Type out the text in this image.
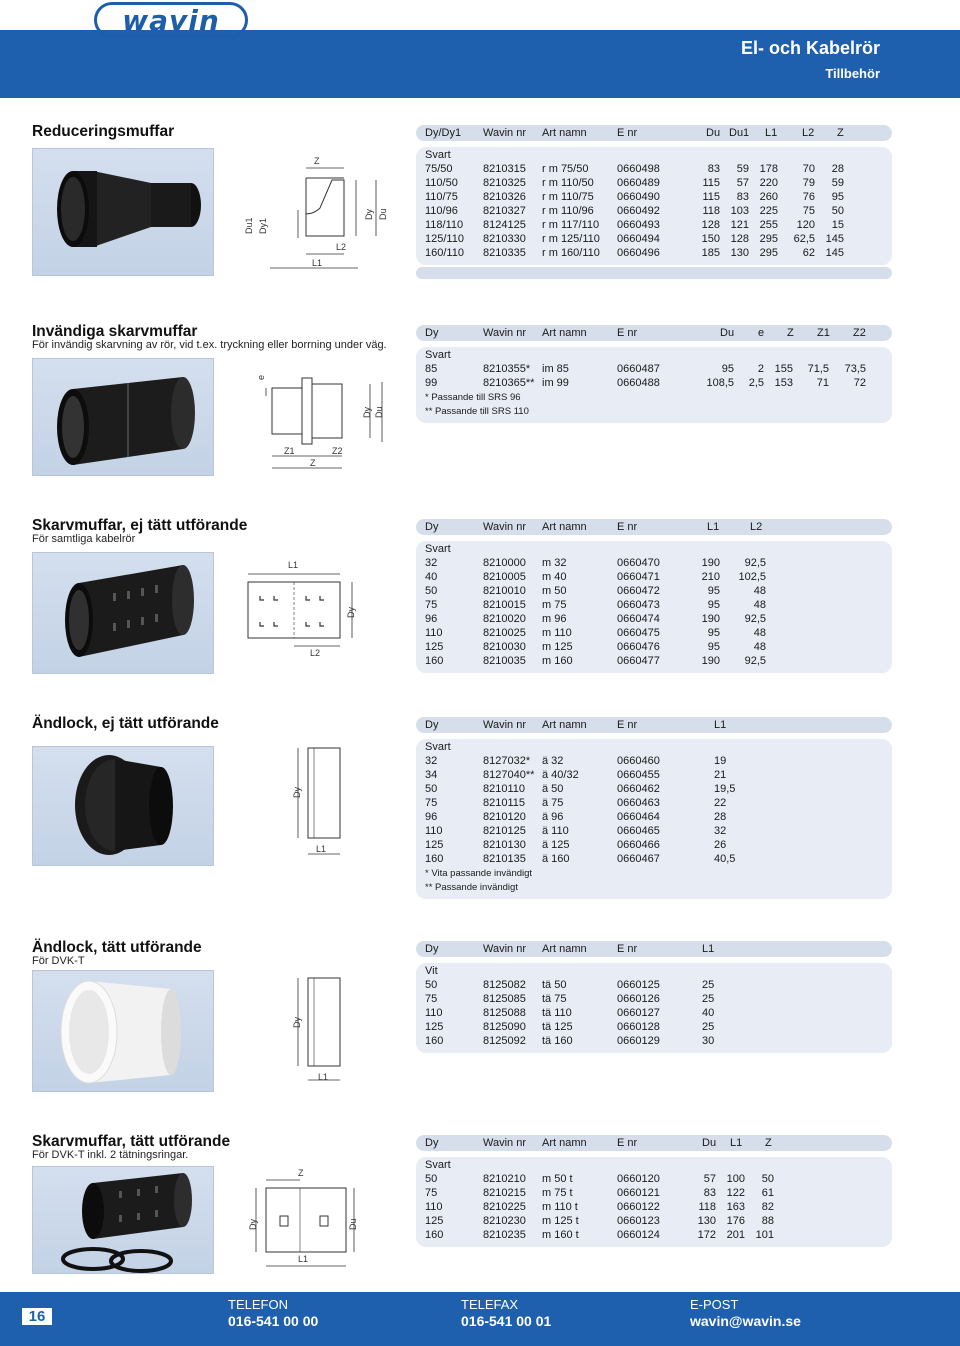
wavin
El- och Kabelrör
Tillbehör
Reduceringsmuffar
Z
Du1 Dy1
Dy Du
L2
L1
Dy/Dy1 Wavin nr Art namn	E nr	Du Du1 L1 L2 Z
Svart
75/50	8210315 r m 75/50	0660498	83 59 178 70 28
110/50 8210325 r m 110/50 0660489	115 57 220 79 59
110/75 8210326 r m 110/75 0660490	115 83 260 76 95
110/96 8210327 r m 110/96 0660492	118 103 225 75 50
118/110 8124125 r m 117/110 0660493	128 121 255 120 15
125/110 8210330 r m 125/110 0660494	150 128 295 62,5 145
160/110 8210335 r m 160/110 0660496	185 130 295 62 145
Invändiga skarvmuffar
För invändig skarvning av rör, vid t.ex. tryckning eller borrning under väg.
e
Dy Du
Z1	Z2
Z
Dy	Wavin nr Art namn	E nr	Du e Z Z1 Z2
Svart
85	8210355* im 85	0660487	95 2 155 71,5 73,5
99	8210365** im 99	0660488	108,5 2,5 153 71 72
* Passande till SRS 96
** Passande till SRS 110
Skarvmuffar, ej tätt utförande
För samtliga kabelrör
L1
Dy
L2
Dy	Wavin nr Art namn	E nr	L1	L2
Svart
32	8210000 m 32	0660470	190 92,5
40	8210005 m 40	0660471	210 102,5
50	8210010 m 50	0660472	95	48
75	8210015 m 75	0660473	95	48
96	8210020 m 96	0660474	190 92,5
110	8210025 m 110	0660475	95	48
125	8210030 m 125	0660476	95	48
160	8210035 m 160	0660477	190 92,5
Ändlock, ej tätt utförande
Dy
L1
Dy	Wavin nr Art namn	E nr	L1
Svart
32	8127032* ä 32	0660460	19
34	8127040** ä 40/32	0660455	21
50	8210110 ä 50	0660462	19,5
75	8210115 ä 75	0660463	22
96	8210120 ä 96	0660464	28
110	8210125 ä 110	0660465	32
125	8210130 ä 125	0660466	26
160	8210135 ä 160	0660467	40,5
* Vita passande invändigt
** Passande invändigt
Ändlock, tätt utförande
För DVK-T
Dy
L1
Dy	Wavin nr Art namn	E nr	L1
Vit
50	8125082 tä 50	0660125	25
75	8125085 tä 75	0660126	25
110	8125088 tä 110	0660127	40
125	8125090 tä 125	0660128	25
160	8125092 tä 160	0660129	30
Skarvmuffar, tätt utförande
För DVK-T inkl. 2 tätningsringar.
Z
Dy	Du
L1
Dy	Wavin nr Art namn	E nr	Du L1 Z
Svart
50	8210210 m 50 t	0660120	57 100 50
75	8210215 m 75 t	0660121	83 122 61
110	8210225 m 110 t	0660122	118 163 82
125	8210230 m 125 t	0660123	130 176 88
160	8210235 m 160 t	0660124	172 201 101
16
TELEFON
016-541 00 00
TELEFAX
016-541 00 01
E-POST
wavin@wavin.se
